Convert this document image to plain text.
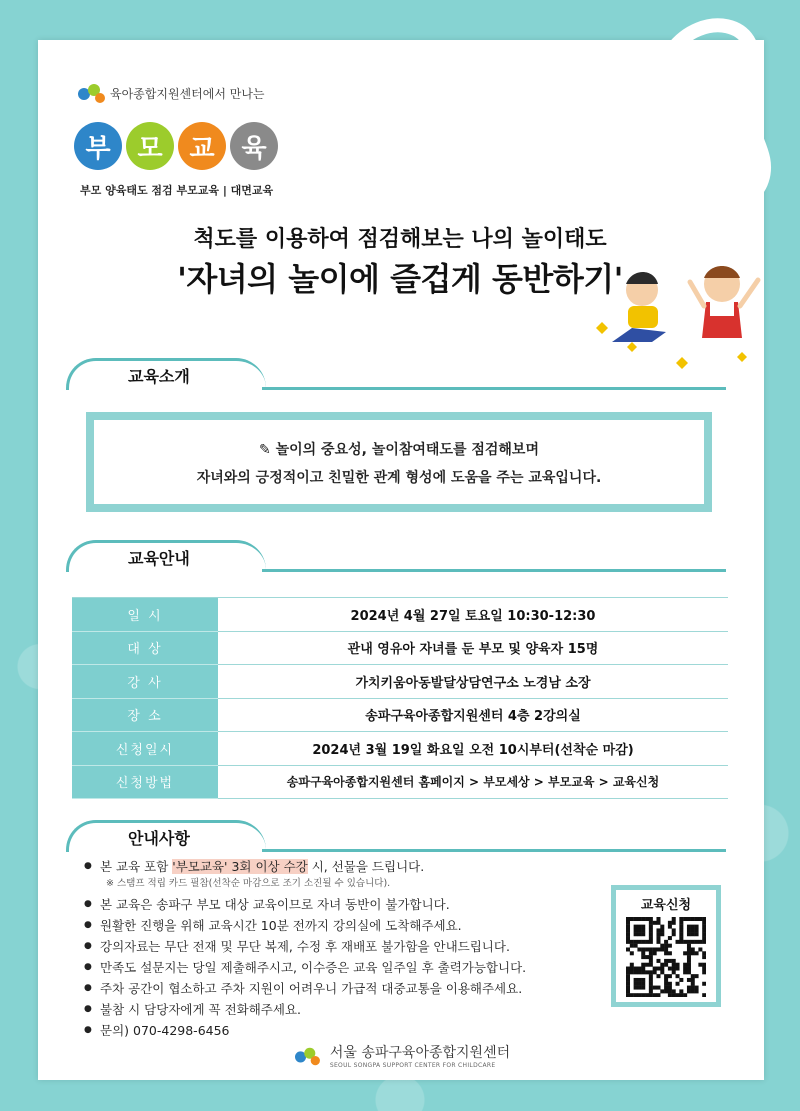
육아종합지원센터에서 만나는
부	모	교	육
부모 양육태도 점검 부모교육 | 대면교육
척도를 이용하여 점검해보는 나의 놀이태도
'자녀의 놀이에 즐겁게 동반하기'
교육소개
✎ 놀이의 중요성, 놀이참여태도를 점검해보며
자녀와의 긍정적이고 친밀한 관계 형성에 도움을 주는 교육입니다.
교육안내
일 시	2024년 4월 27일 토요일 10:30-12:30
대 상	관내 영유아 자녀를 둔 부모 및 양육자 15명
강 사	가치키움아동발달상담연구소 노경남 소장
장 소	송파구육아종합지원센터 4층 2강의실
신청일시	2024년 3월 19일 화요일 오전 10시부터(선착순 마감)
신청방법	송파구육아종합지원센터 홈페이지 > 부모세상 > 부모교육 > 교육신청
안내사항
● 본 교육 포함 '부모교육' 3회 이상 수강 시, 선물을 드립니다.
※ 스탬프 적립 카드 필참(선착순 마감으로 조기 소진될 수 있습니다).
● 본 교육은 송파구 부모 대상 교육이므로 자녀 동반이 불가합니다.
● 원활한 진행을 위해 교육시간 10분 전까지 강의실에 도착해주세요.
● 강의자료는 무단 전재 및 무단 복제, 수정 후 재배포 불가함을 안내드립니다.
● 만족도 설문지는 당일 제출해주시고, 이수증은 교육 일주일 후 출력가능합니다.
● 주차 공간이 협소하고 주차 지원이 어려우니 가급적 대중교통을 이용해주세요.
● 불참 시 담당자에게 꼭 전화해주세요.
● 문의) 070-4298-6456
교육신청
서울 송파구육아종합지원센터
SEOUL SONGPA SUPPORT CENTER FOR CHILDCARE
